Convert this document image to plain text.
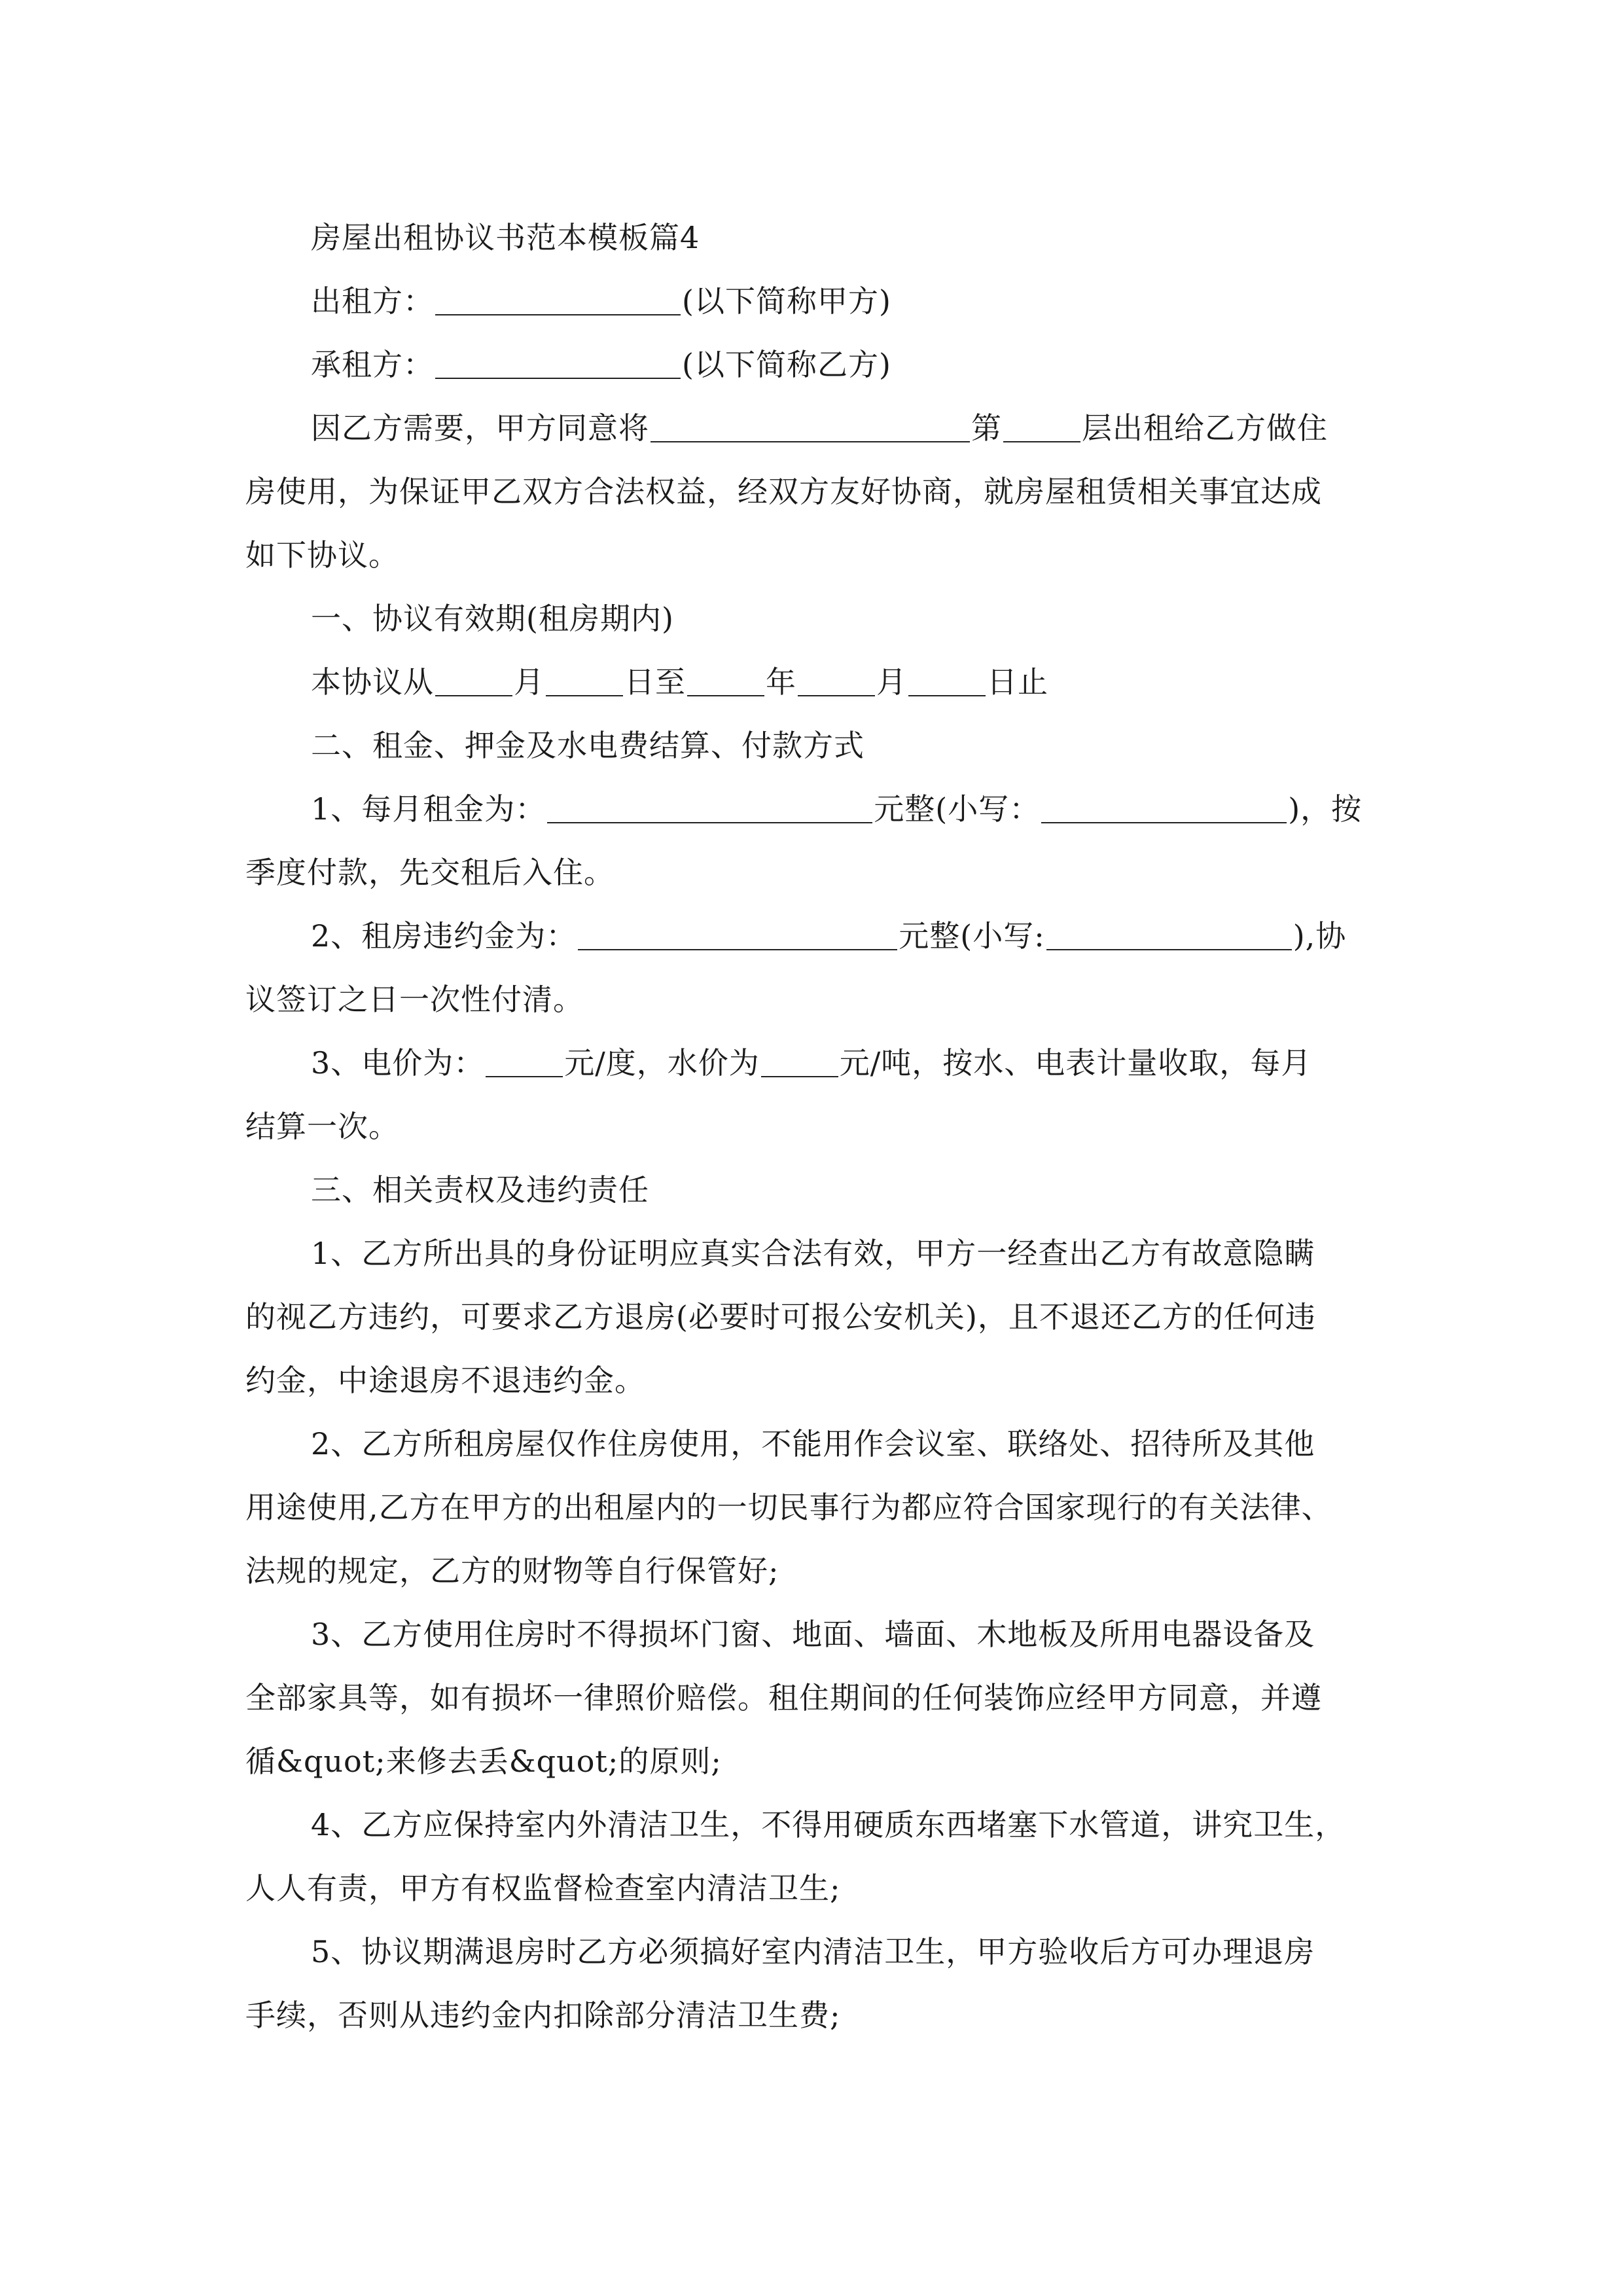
房屋出租协议书范本模板篇4
出租方：	(以下简称甲方)
承租方：	(以下简称乙方)
因乙方需要，甲方同意将	第	层出租给乙方做住
房使用，为保证甲乙双方合法权益，经双方友好协商，就房屋租赁相关事宜达成
如下协议。
一、协议有效期(租房期内)
本协议从	月	日至	年	月	日止
二、租金、押金及水电费结算、付款方式
1、每月租金为：	元整(小写：	)，按
季度付款，先交租后入住。
2、租房违约金为：	元整(小写:	),协
议签订之日一次性付清。
3、电价为：	元/度，水价为	元/吨，按水、电表计量收取，每月
结算一次。
三、相关责权及违约责任
1、乙方所出具的身份证明应真实合法有效，甲方一经查出乙方有故意隐瞒
的视乙方违约，可要求乙方退房(必要时可报公安机关)，且不退还乙方的任何违
约金，中途退房不退违约金。
2、乙方所租房屋仅作住房使用，不能用作会议室、联络处、招待所及其他
用途使用,乙方在甲方的出租屋内的一切民事行为都应符合国家现行的有关法律、
法规的规定，乙方的财物等自行保管好;
3、乙方使用住房时不得损坏门窗、地面、墙面、木地板及所用电器设备及
全部家具等，如有损坏一律照价赔偿。租住期间的任何装饰应经甲方同意，并遵
循&quot;来修去丢&quot;的原则;
4、乙方应保持室内外清洁卫生，不得用硬质东西堵塞下水管道，讲究卫生，
人人有责，甲方有权监督检查室内清洁卫生;
5、协议期满退房时乙方必须搞好室内清洁卫生，甲方验收后方可办理退房
手续，否则从违约金内扣除部分清洁卫生费;
